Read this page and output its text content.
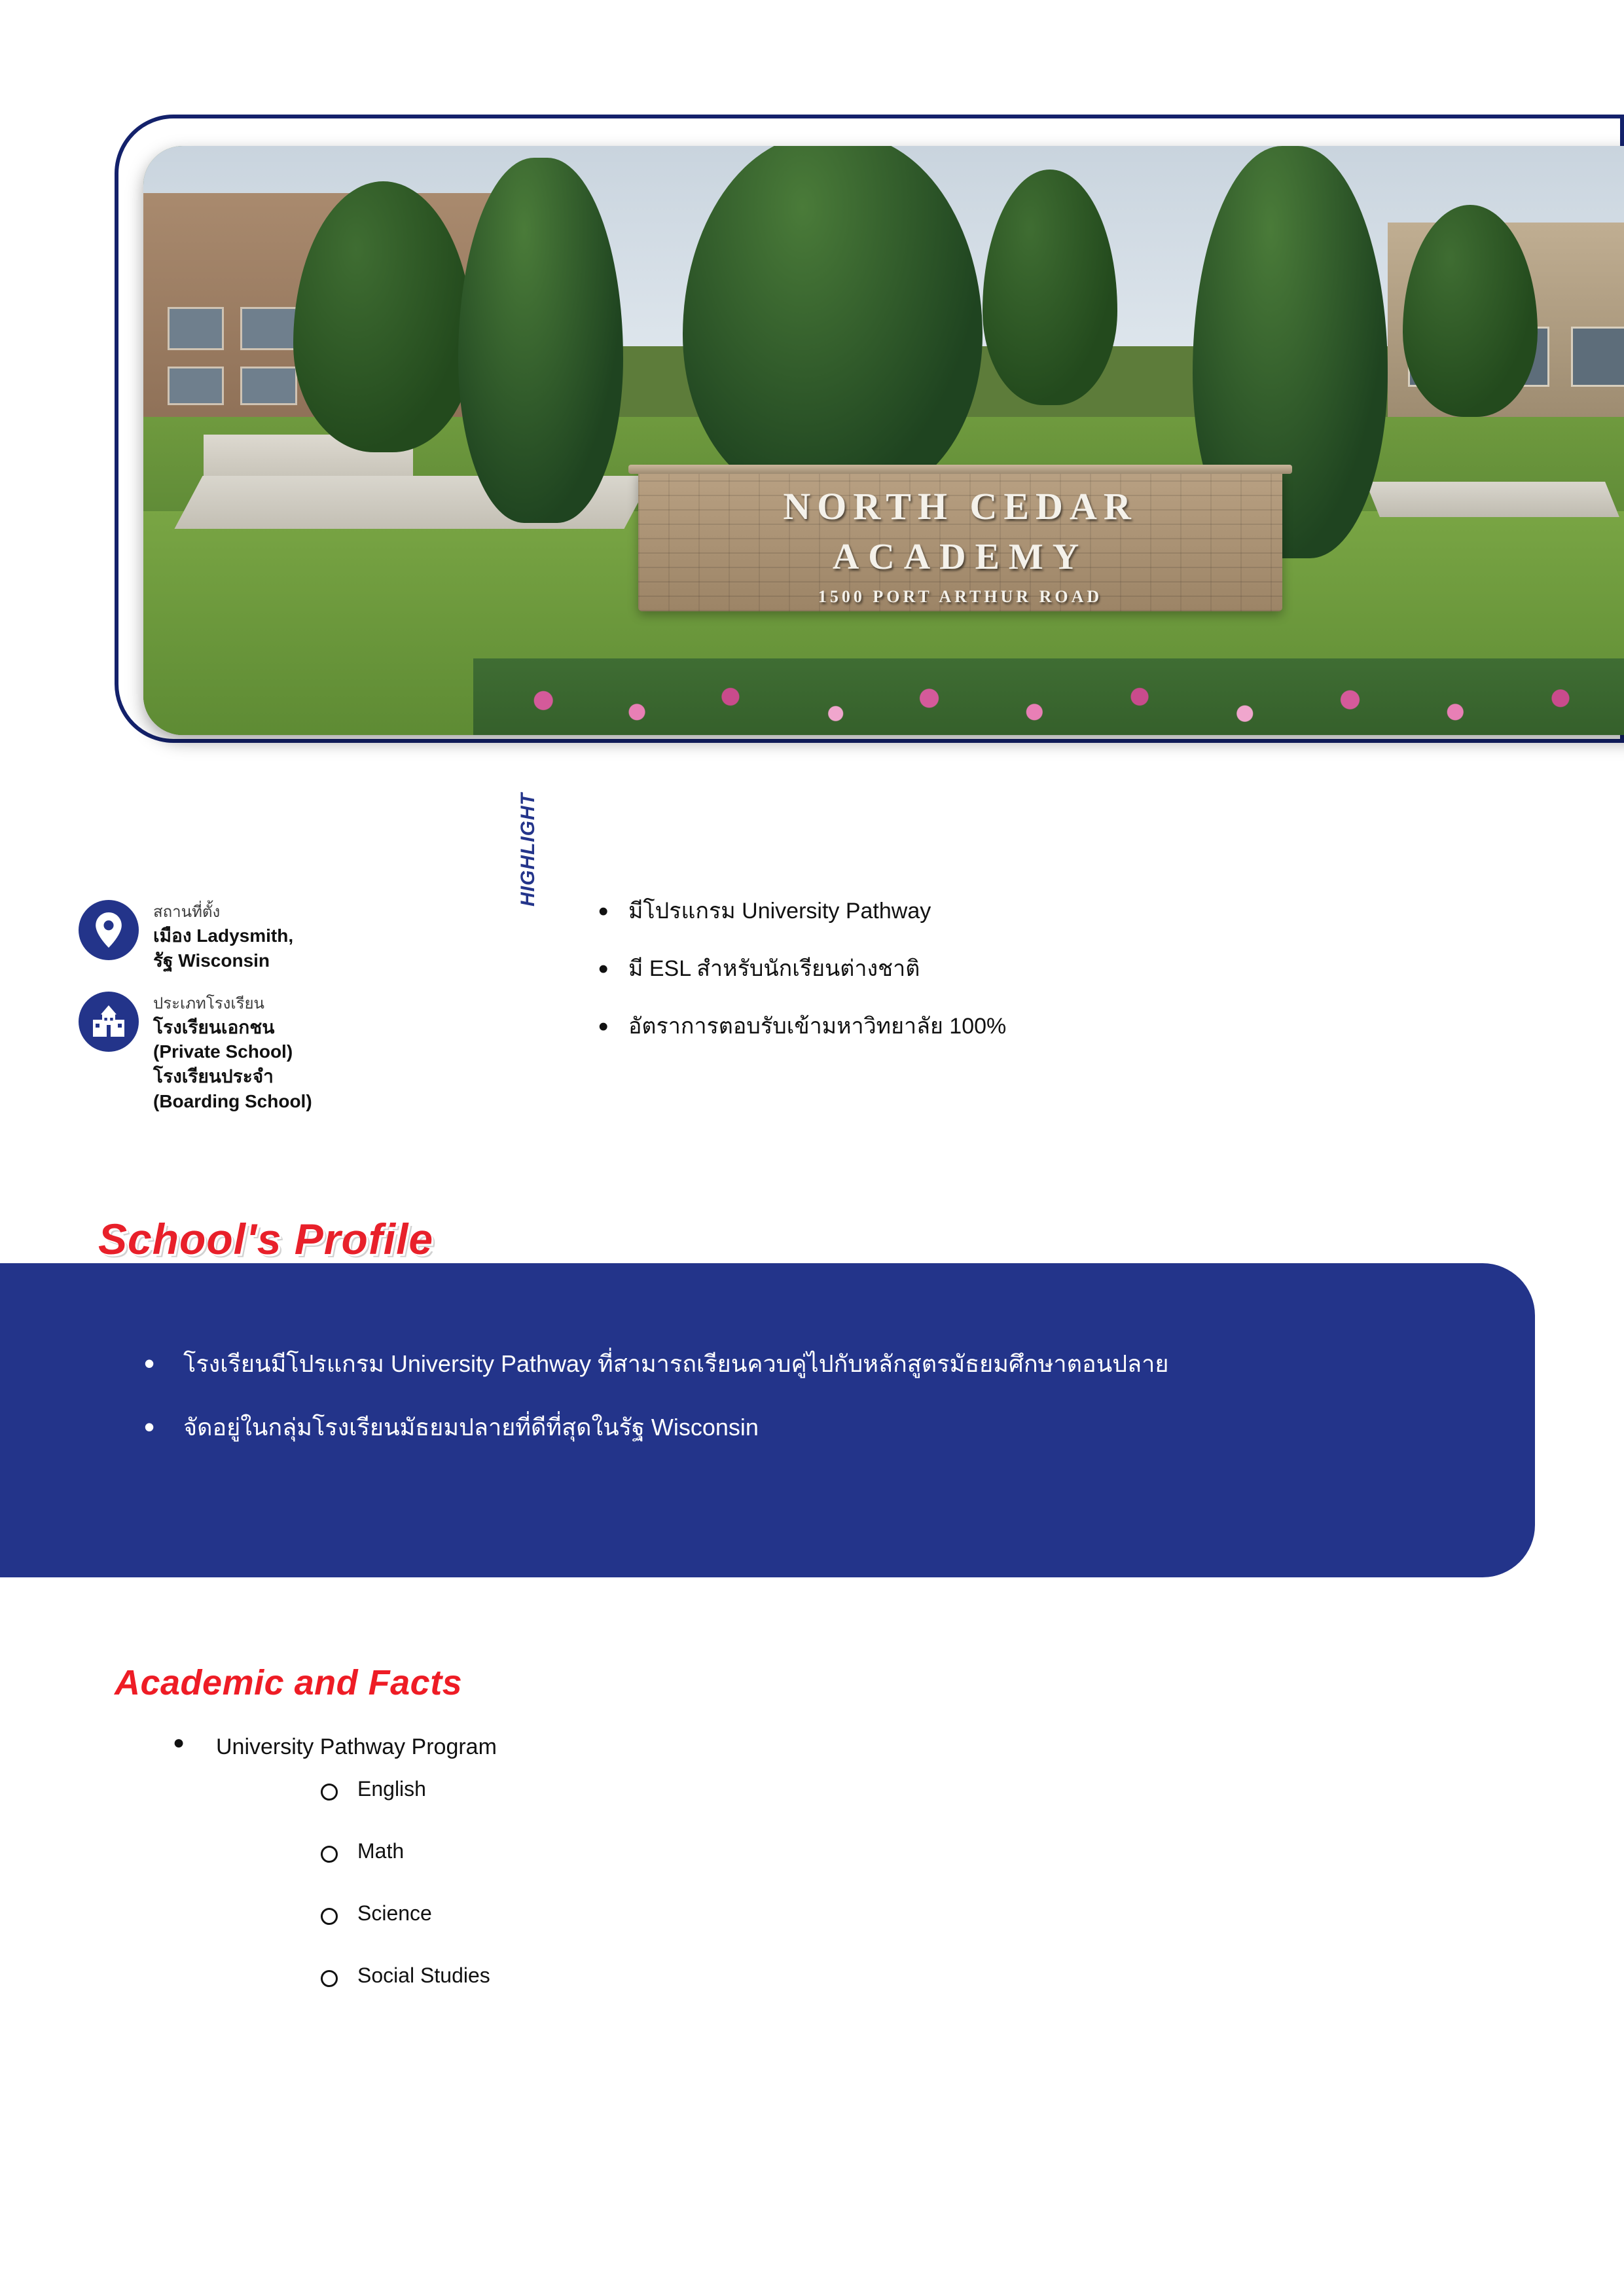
NORTH CEDAR
ACADEMY
1500 PORT ARTHUR ROAD
สถานที่ตั้ง
เมือง Ladysmith,
รัฐ Wisconsin
ประเภทโรงเรียน
โรงเรียนเอกชน
(Private School)
โรงเรียนประจำ
(Boarding School)
HIGHLIGHT
• มีโปรแกรม University Pathway
• มี ESL สำหรับนักเรียนต่างชาติ
• อัตราการตอบรับเข้ามหาวิทยาลัย 100%
School's Profile
• โรงเรียนมีโปรแกรม University Pathway ที่สามารถเรียนควบคู่ไปกับหลักสูตรมัธยมศึกษาตอนปลาย
• จัดอยู่ในกลุ่มโรงเรียนมัธยมปลายที่ดีที่สุดในรัฐ Wisconsin
Academic and Facts
● University Pathway Program
English
Math
Science
Social Studies
